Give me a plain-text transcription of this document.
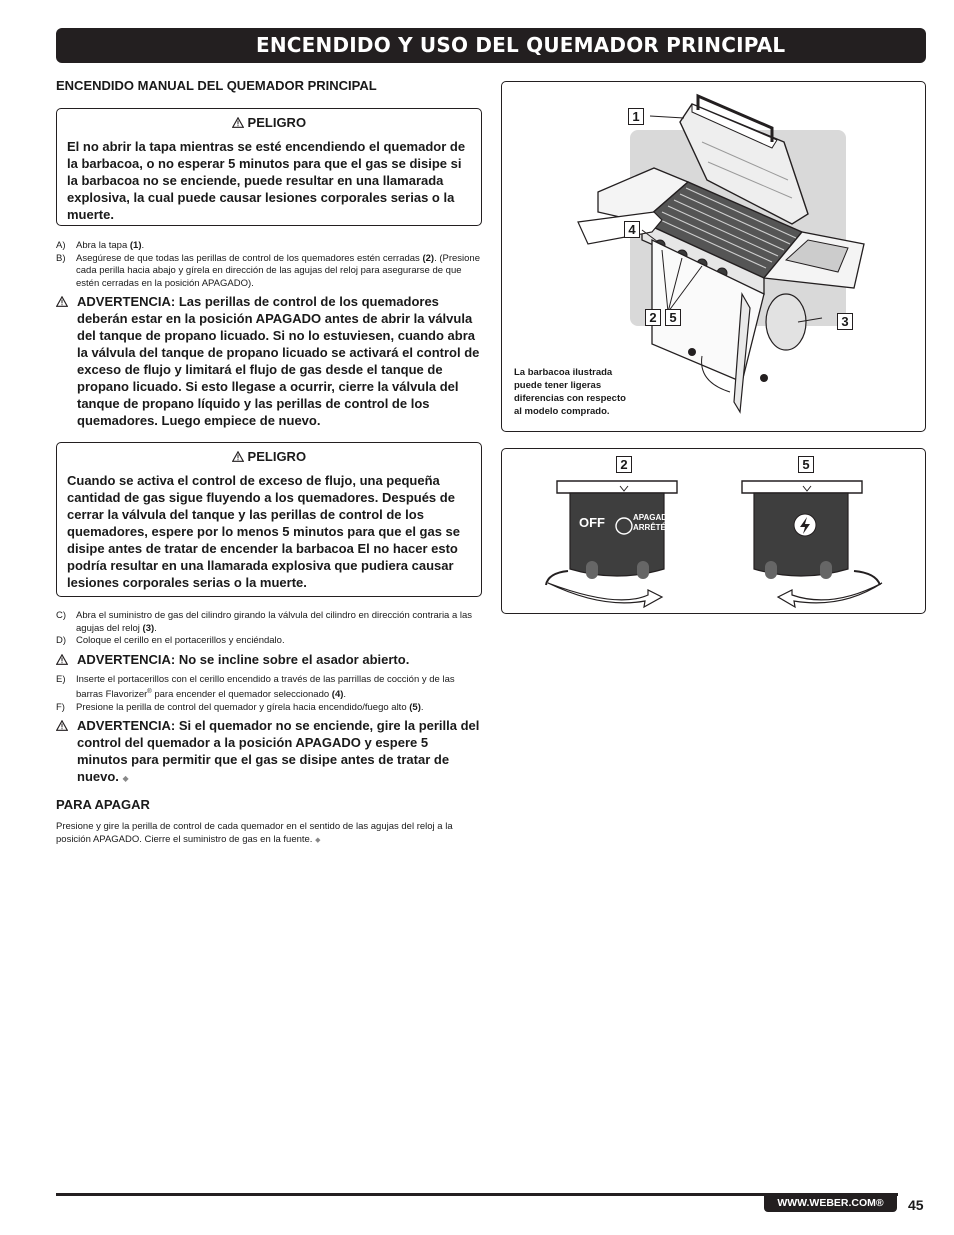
ENCENDIDO Y USO DEL QUEMADOR PRINCIPAL

ENCENDIDO MANUAL DEL QUEMADOR PRINCIPAL

PELIGRO
El no abrir la tapa mientras se esté encendiendo el quemador de la barbacoa, o no esperar 5 minutos para que el gas se disipe si la barbacoa no se enciende, puede resultar en una llamarada explosiva, la cual puede causar lesiones corporales serias o la muerte.
A)	Abra la tapa (1).
B)	Asegúrese de que todas las perillas de control de los quemadores estén cerradas (2). (Presione cada perilla hacia abajo y gírela en dirección de las agujas del reloj para asegurarse de que estén cerradas en la posición APAGADO).
ADVERTENCIA: Las perillas de control de los quemadores deberán estar en la posición APAGADO antes de abrir la válvula del tanque de propano licuado. Si no lo estuviesen, cuando abra la válvula del tanque de propano licuado se activará el control de exceso de flujo y limitará el flujo de gas desde el tanque de propano licuado. Si esto llegase a ocurrir, cierre la válvula del tanque de propano líquido y las perillas de control de los quemadores. Luego empiece de nuevo.
PELIGRO
Cuando se activa el control de exceso de flujo, una pequeña cantidad de gas sigue fluyendo a los quemadores. Después de cerrar la válvula del tanque y las perillas de control de los quemadores, espere por lo menos 5 minutos para que el gas se disipe antes de tratar de encender la barbacoa El no hacer esto podría resultar en una llamarada explosiva que pudiera causar lesiones corporales serias o la muerte.
C)	Abra el suministro de gas del cilindro girando la válvula del cilindro en dirección contraria a las agujas del reloj (3).
D)	Coloque el cerillo en el portacerillos y enciéndalo.
ADVERTENCIA: No se incline sobre el asador abierto.
E)	Inserte el portacerillos con el cerillo encendido a través de las parrillas de cocción y de las barras Flavorizer® para encender el quemador seleccionado (4).
F)	Presione la perilla de control del quemador y gírela hacia encendido/fuego alto (5).
ADVERTENCIA: Si el quemador no se enciende, gire la perilla del control del quemador a la posición APAGADO y espere 5 minutos para permitir que el gas se disipe antes de tratar de nuevo. ◆

PARA APAGAR

Presione y gire la perilla de control de cada quemador en el sentido de las agujas del reloj a la posición APAGADO. Cierre el suministro de gas en la fuente. ◆
1
4
2 5	3
La barbacoa ilustrada
puede tener ligeras
diferencias con respecto
al modelo comprado.
2	5
OFF	APAGADO
ARRÊTÉ
WWW.WEBER.COM®	45
